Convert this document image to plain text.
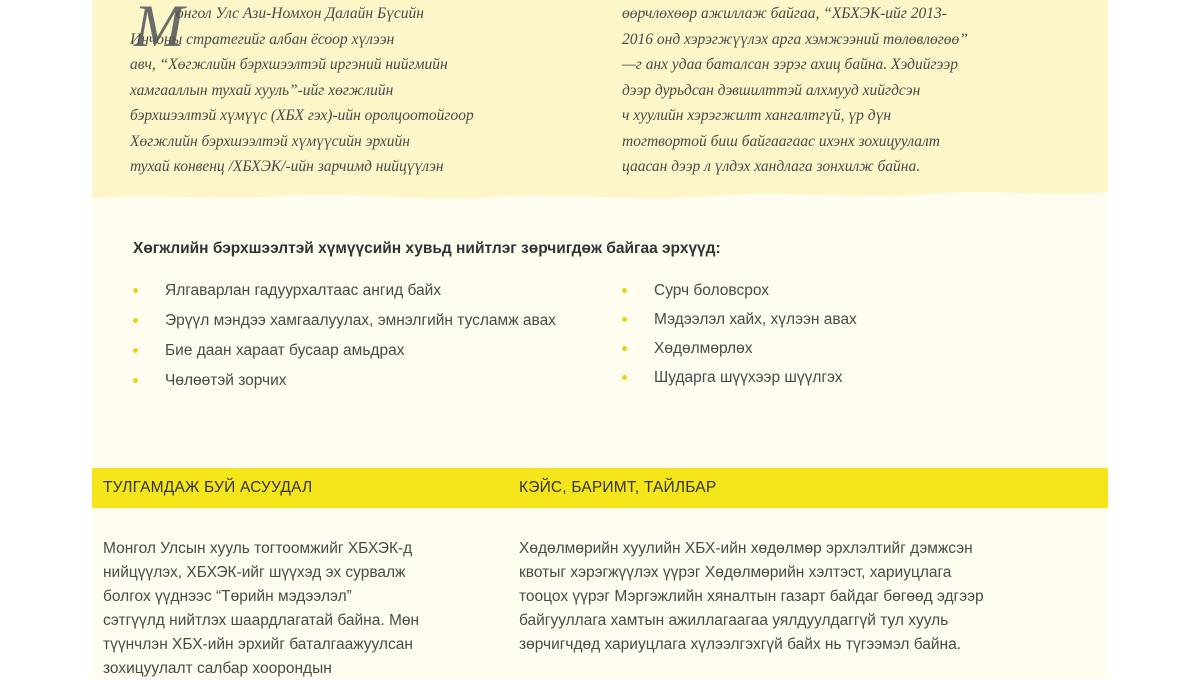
М
онгол Улс Ази-Номхон Далайн Бүсийн
Инчоны стратегийг албан ёсоор хүлээн
авч, “Хөгжлийн бэрхшээлтэй иргэний нийгмийн
хамгааллын тухай хууль”-ийг хөгжлийн
бэрхшээлтэй хүмүүс (ХБХ гэх)-ийн оролцоотойгоор
Хөгжлийн бэрхшээлтэй хүмүүсийн эрхийн
тухай конвенц /ХБХЭК/-ийн зарчимд нийцүүлэн
өөрчлөхөөр ажиллаж байгаа, “ХБХЭК-ийг 2013-
2016 онд хэрэгжүүлэх арга хэмжээний төлөвлөгөө”
—г анх удаа баталсан зэрэг ахиц байна. Хэдийгээр
дээр дурьдсан дэвшилттэй алхмууд хийгдсэн
ч хуулийн хэрэгжилт хангалтгүй, үр дүн
тогтвортой биш байгаагаас ихэнх зохицуулалт
цаасан дээр л үлдэх хандлага зонхилж байна.
Хөгжлийн бэрхшээлтэй хүмүүсийн хувьд нийтлэг зөрчигдөж байгаа эрхүүд:
Ялгаварлан гадуурхалтаас ангид байх
Эрүүл мэндээ хамгаалуулах, эмнэлгийн тусламж авах
Бие даан хараат бусаар амьдрах
Чөлөөтэй зорчих
Сурч боловсрох
Мэдээлэл хайх, хүлээн авах
Хөдөлмөрлөх
Шударга шүүхээр шүүлгэх
ТУЛГАМДАЖ БУЙ АСУУДАЛ	КЭЙС, БАРИМТ, ТАЙЛБАР
Монгол Улсын хууль тогтоомжийг ХБХЭК-д
нийцүүлэх, ХБХЭК-ийг шүүхэд эх сурвалж
болгох үүднээс “Төрийн мэдээлэл”
сэтгүүлд нийтлэх шаардлагатай байна. Мөн
түүнчлэн ХБХ-ийн эрхийг баталгаажуулсан
зохицуулалт салбар хоорондын
Хөдөлмөрийн хуулийн ХБХ-ийн хөдөлмөр эрхлэлтийг дэмжсэн
квотыг хэрэгжүүлэх үүрэг Хөдөлмөрийн хэлтэст, хариуцлага
тооцох үүрэг Мэргэжлийн хяналтын газарт байдаг бөгөөд эдгээр
байгууллага хамтын ажиллагаагаа уялдуулдаггүй тул хууль
зөрчигчдөд хариуцлага хүлээлгэхгүй байх нь түгээмэл байна.
